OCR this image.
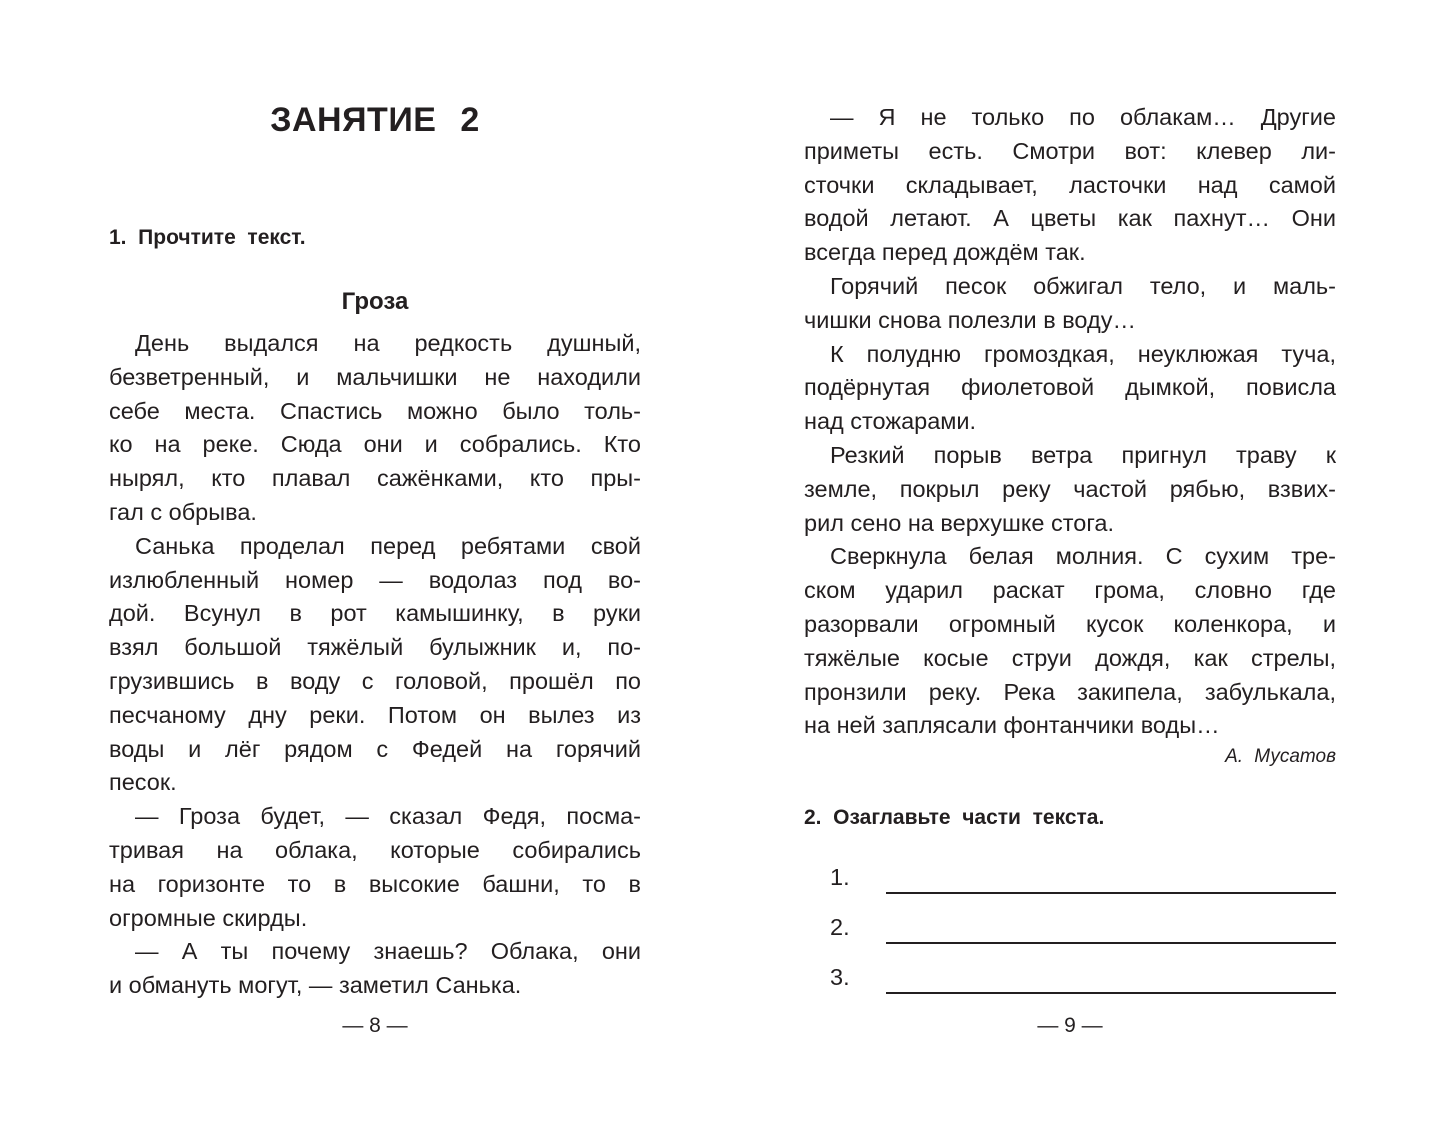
ЗАНЯТИЕ 2

1.  Прочтите  текст.

Гроза
День выдался на редкость душный,
безветренный, и мальчишки не находили
себе места. Спастись можно было толь-
ко на реке. Сюда они и собрались. Кто
нырял, кто плавал сажёнками, кто пры-
гал с обрыва.
Санька проделал перед ребятами свой
излюбленный номер — водолаз под во-
дой. Всунул в рот камышинку, в руки
взял большой тяжёлый булыжник и, по-
грузившись в воду с головой, прошёл по
песчаному дну реки. Потом он вылез из
воды и лёг рядом с Федей на горячий
песок.
— Гроза будет, — сказал Федя, посма-
тривая на облака, которые собирались
на горизонте то в высокие башни, то в
огромные скирды.
— А ты почему знаешь? Облака, они
и обмануть могут, — заметил Санька.
— 8 —
— Я не только по облакам… Другие
приметы есть. Смотри вот: клевер ли-
сточки складывает, ласточки над самой
водой летают. А цветы как пахнут… Они
всегда перед дождём так.
Горячий песок обжигал тело, и маль-
чишки снова полезли в воду…
К полудню громоздкая, неуклюжая туча,
подёрнутая фиолетовой дымкой, повисла
над стожарами.
Резкий порыв ветра пригнул траву к
земле, покрыл реку частой рябью, взвих-
рил сено на верхушке стога.
Сверкнула белая молния. С сухим тре-
ском ударил раскат грома, словно где
разорвали огромный кусок коленкора, и
тяжёлые косые струи дождя, как стрелы,
пронзили реку. Река закипела, забулькала,
на ней заплясали фонтанчики воды…
А. Мусатов

2.  Озаглавьте  части  текста.

1.
2.
3.
— 9 —
